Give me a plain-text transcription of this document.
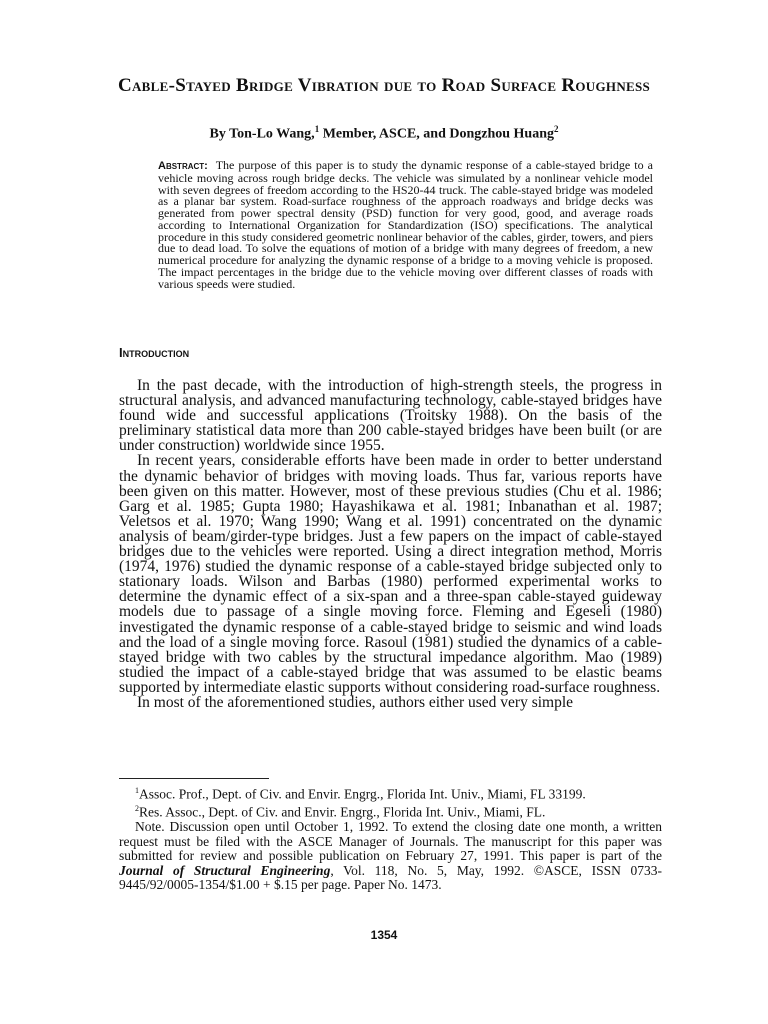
Cable-Stayed Bridge Vibration due to Road Surface Roughness
By Ton-Lo Wang,$^1$ Member, ASCE, and Dongzhou Huang$^2$
Abstract: The purpose of this paper is to study the dynamic response of a cable-stayed bridge to a vehicle moving across rough bridge decks. The vehicle was simulated by a nonlinear vehicle model with seven degrees of freedom according to the HS20-44 truck. The cable-stayed bridge was modeled as a planar bar system. Road-surface roughness of the approach roadways and bridge decks was generated from power spectral density (PSD) function for very good, good, and average roads according to International Organization for Standardization (ISO) specifications. The analytical procedure in this study considered geometric nonlinear behavior of the cables, girder, towers, and piers due to dead load. To solve the equations of motion of a bridge with many degrees of freedom, a new numerical procedure for analyzing the dynamic response of a bridge to a moving vehicle is proposed. The impact percentages in the bridge due to the vehicle moving over different classes of roads with various speeds were studied.
Introduction

In the past decade, with the introduction of high-strength steels, the progress in structural analysis, and advanced manufacturing technology, cable-stayed bridges have found wide and successful applications (Troitsky 1988). On the basis of the preliminary statistical data more than 200 cable-stayed bridges have been built (or are under construction) worldwide since 1955.

In recent years, considerable efforts have been made in order to better understand the dynamic behavior of bridges with moving loads. Thus far, various reports have been given on this matter. However, most of these previous studies (Chu et al. 1986; Garg et al. 1985; Gupta 1980; Hayashikawa et al. 1981; Inbanathan et al. 1987; Veletsos et al. 1970; Wang 1990; Wang et al. 1991) concentrated on the dynamic analysis of beam/girder-type bridges. Just a few papers on the impact of cable-stayed bridges due to the vehicles were reported. Using a direct integration method, Morris (1974, 1976) studied the dynamic response of a cable-stayed bridge subjected only to stationary loads. Wilson and Barbas (1980) performed experimental works to determine the dynamic effect of a six-span and a three-span cable-stayed guideway models due to passage of a single moving force. Fleming and Egeseli (1980) investigated the dynamic response of a cable-stayed bridge to seismic and wind loads and the load of a single moving force. Rasoul (1981) studied the dynamics of a cable-stayed bridge with two cables by the structural impedance algorithm. Mao (1989) studied the impact of a cable-stayed bridge that was assumed to be elastic beams supported by intermediate elastic supports without considering road-surface roughness.

In most of the aforementioned studies, authors either used very simple

$^1$Assoc. Prof., Dept. of Civ. and Envir. Engrg., Florida Int. Univ., Miami, FL 33199.

$^2$Res. Assoc., Dept. of Civ. and Envir. Engrg., Florida Int. Univ., Miami, FL.

Note. Discussion open until October 1, 1992. To extend the closing date one month, a written request must be filed with the ASCE Manager of Journals. The manuscript for this paper was submitted for review and possible publication on February 27, 1991. This paper is part of the Journal of Structural Engineering, Vol. 118, No. 5, May, 1992. ©ASCE, ISSN 0733-9445/92/0005-1354/$1.00 + $.15 per page. Paper No. 1473.

1354
